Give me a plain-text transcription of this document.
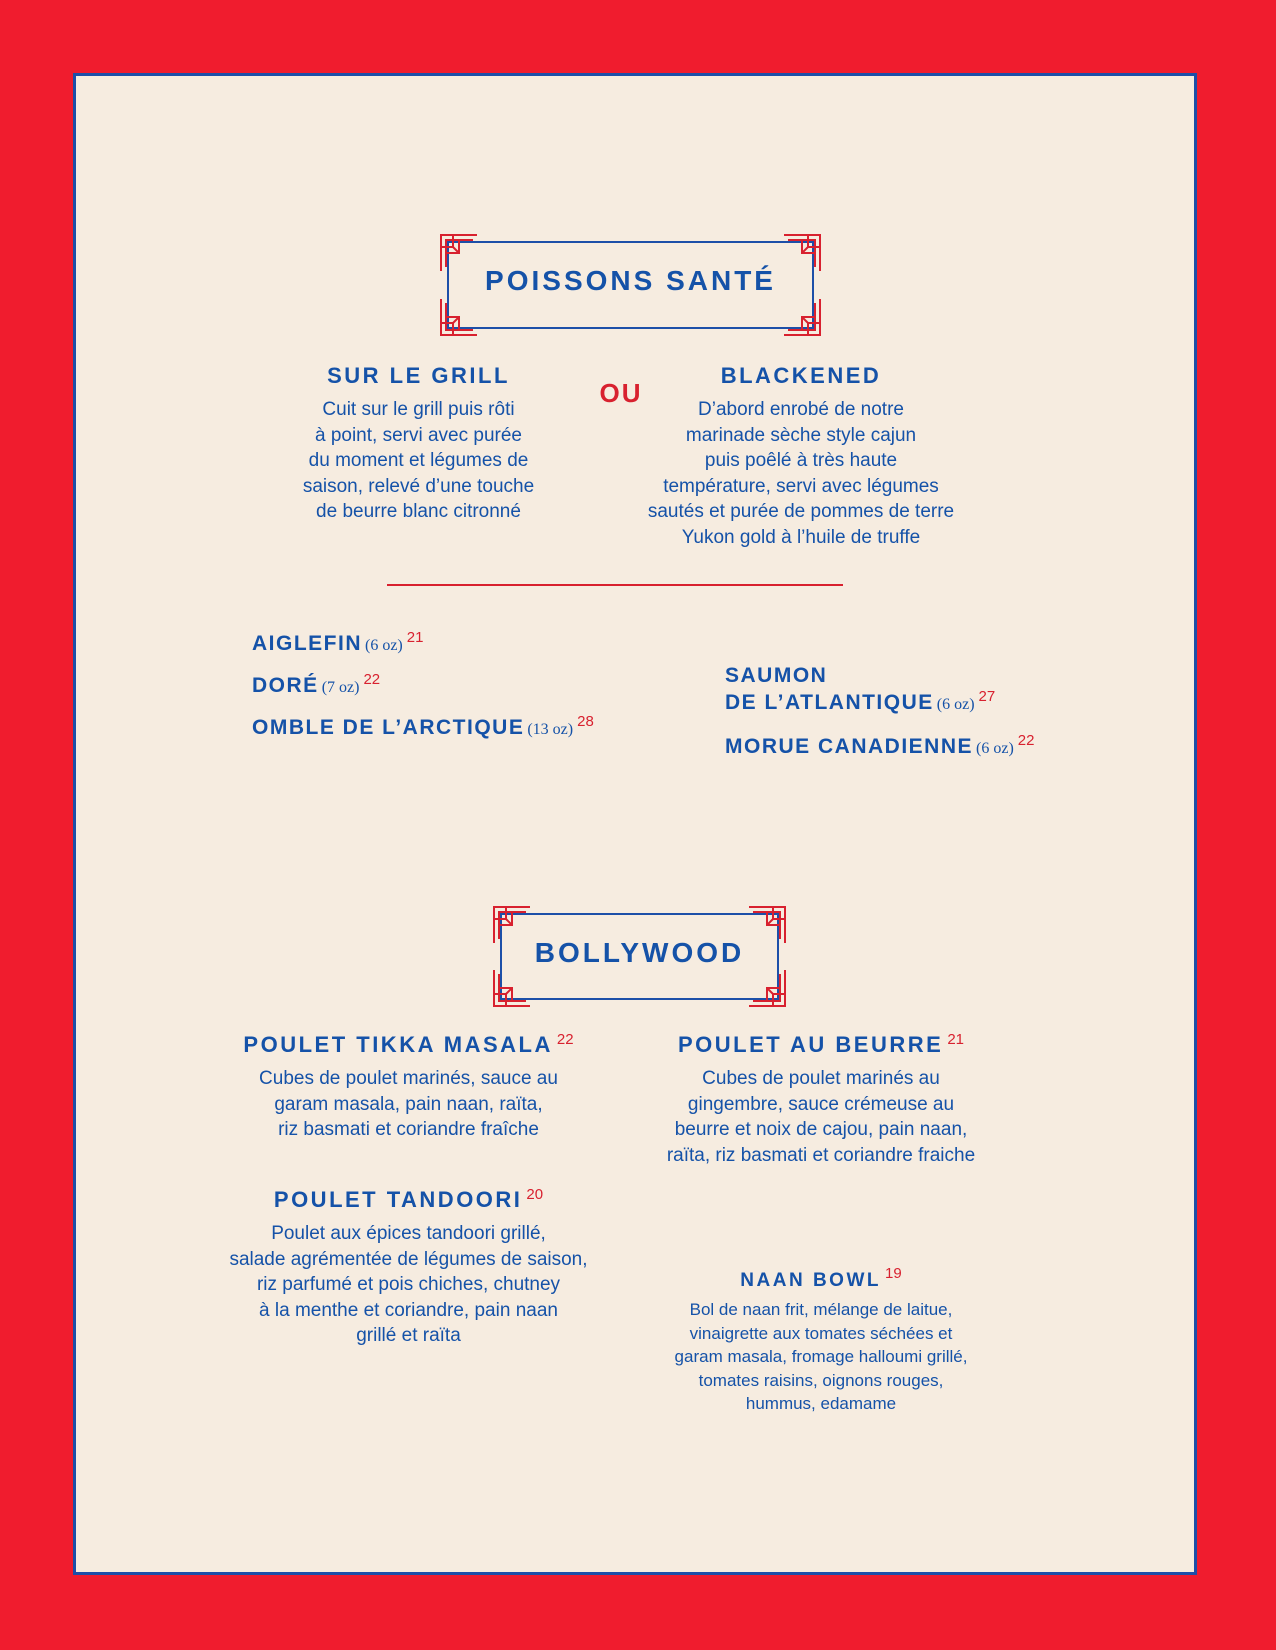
POISSONS SANTÉ
SUR LE GRILL
Cuit sur le grill puis rôti
à point, servi avec purée
du moment et légumes de
saison, relevé d’une touche
de beurre blanc citronné
OU
BLACKENED
D’abord enrobé de notre
marinade sèche style cajun
puis poêlé à très haute
température, servi avec légumes
sautés et purée de pommes de terre
Yukon gold à l’huile de truffe
AIGLEFIN (6 oz) $^{21}$
DORÉ (7 oz) $^{22}$
OMBLE DE L’ARCTIQUE (13 oz) $^{28}$
SAUMON
DE L’ATLANTIQUE (6 oz) $^{27}$
MORUE CANADIENNE (6 oz) $^{22}$
BOLLYWOOD
POULET TIKKA MASALA $^{22}$
Cubes de poulet marinés, sauce au
garam masala, pain naan, raïta,
riz basmati et coriandre fraîche
POULET AU BEURRE $^{21}$
Cubes de poulet marinés au
gingembre, sauce crémeuse au
beurre et noix de cajou, pain naan,
raïta, riz basmati et coriandre fraiche
POULET TANDOORI $^{20}$
Poulet aux épices tandoori grillé,
salade agrémentée de légumes de saison,
riz parfumé et pois chiches, chutney
à la menthe et coriandre, pain naan
grillé et raïta
NAAN BOWL $^{19}$
Bol de naan frit, mélange de laitue,
vinaigrette aux tomates séchées et
garam masala, fromage halloumi grillé,
tomates raisins, oignons rouges,
hummus, edamame
